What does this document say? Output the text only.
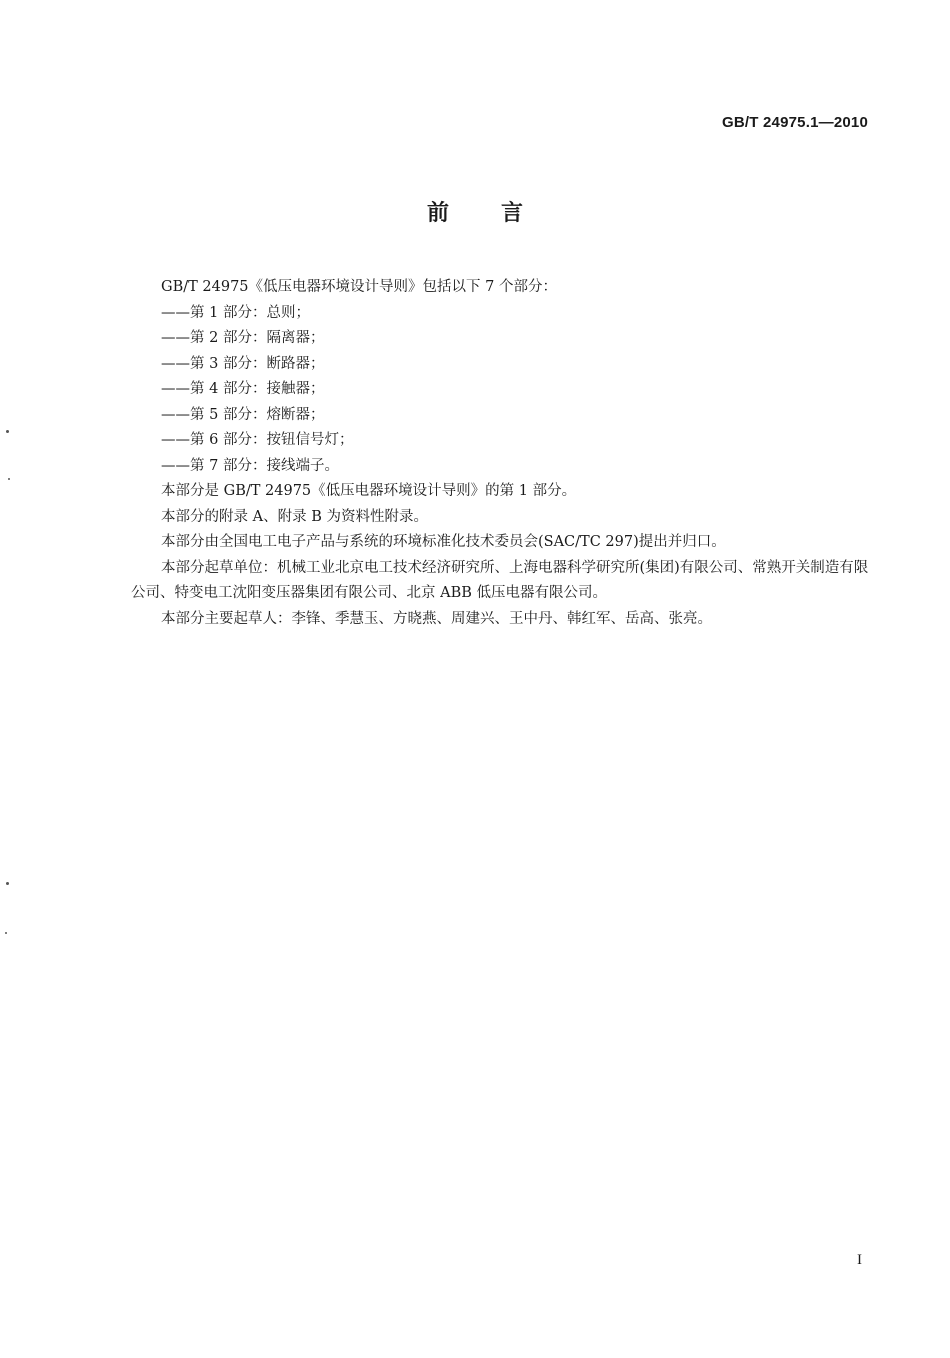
GB/T 24975.1—2010
前言

GB/T 24975《低压电器环境设计导则》包括以下 7 个部分：

——第 1 部分：总则；

——第 2 部分：隔离器；

——第 3 部分：断路器；

——第 4 部分：接触器；

——第 5 部分：熔断器；

——第 6 部分：按钮信号灯；

——第 7 部分：接线端子。

本部分是 GB/T 24975《低压电器环境设计导则》的第 1 部分。

本部分的附录 A、附录 B 为资料性附录。

本部分由全国电工电子产品与系统的环境标准化技术委员会(SAC/TC 297)提出并归口。

本部分起草单位：机械工业北京电工技术经济研究所、上海电器科学研究所(集团)有限公司、常熟开关制造有限公司、特变电工沈阳变压器集团有限公司、北京 ABB 低压电器有限公司。

本部分主要起草人：李锋、季慧玉、方晓燕、周建兴、王中丹、韩红军、岳高、张亮。

I
